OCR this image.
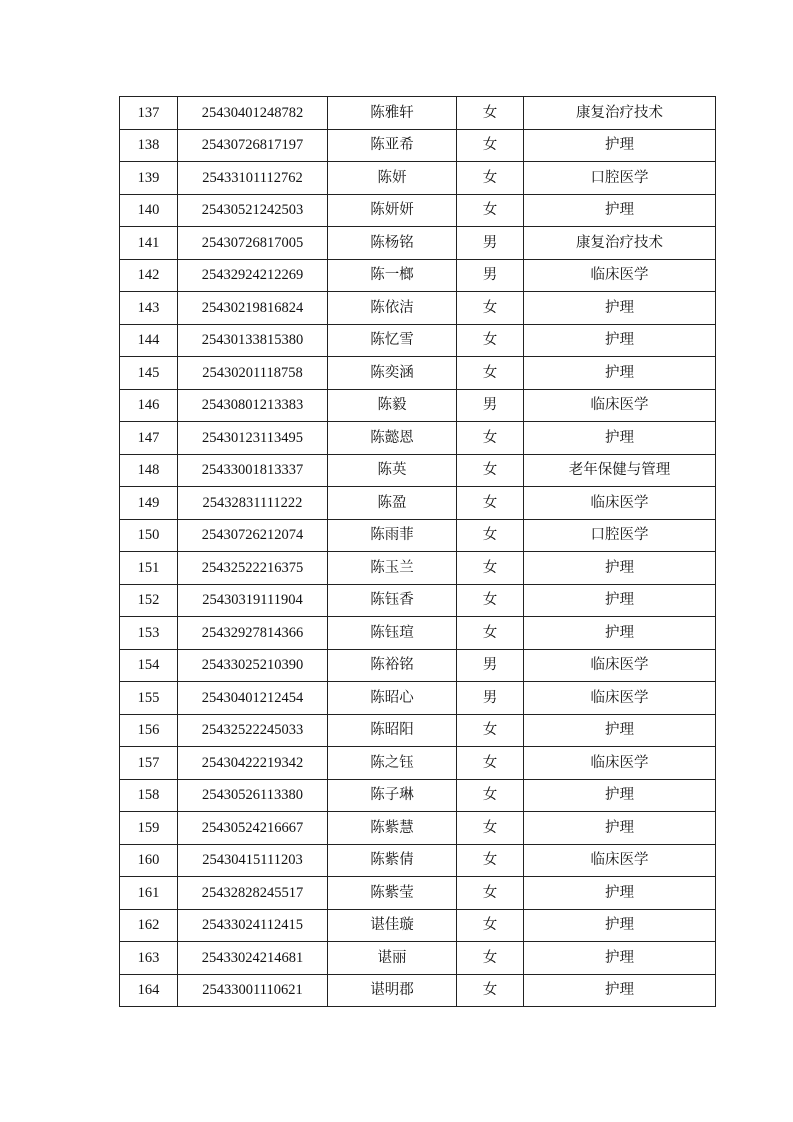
137	25430401248782	陈雅轩	女	康复治疗技术
138	25430726817197	陈亚希	女	护理
139	25433101112762	陈妍	女	口腔医学
140	25430521242503	陈妍妍	女	护理
141	25430726817005	陈杨铭	男	康复治疗技术
142	25432924212269	陈一榔	男	临床医学
143	25430219816824	陈依洁	女	护理
144	25430133815380	陈忆雪	女	护理
145	25430201118758	陈奕涵	女	护理
146	25430801213383	陈毅	男	临床医学
147	25430123113495	陈懿恩	女	护理
148	25433001813337	陈英	女	老年保健与管理
149	25432831111222	陈盈	女	临床医学
150	25430726212074	陈雨菲	女	口腔医学
151	25432522216375	陈玉兰	女	护理
152	25430319111904	陈钰香	女	护理
153	25432927814366	陈钰瑄	女	护理
154	25433025210390	陈裕铭	男	临床医学
155	25430401212454	陈昭心	男	临床医学
156	25432522245033	陈昭阳	女	护理
157	25430422219342	陈之钰	女	临床医学
158	25430526113380	陈子琳	女	护理
159	25430524216667	陈紫慧	女	护理
160	25430415111203	陈紫倩	女	临床医学
161	25432828245517	陈紫莹	女	护理
162	25433024112415	谌佳璇	女	护理
163	25433024214681	谌丽	女	护理
164	25433001110621	谌明郡	女	护理
